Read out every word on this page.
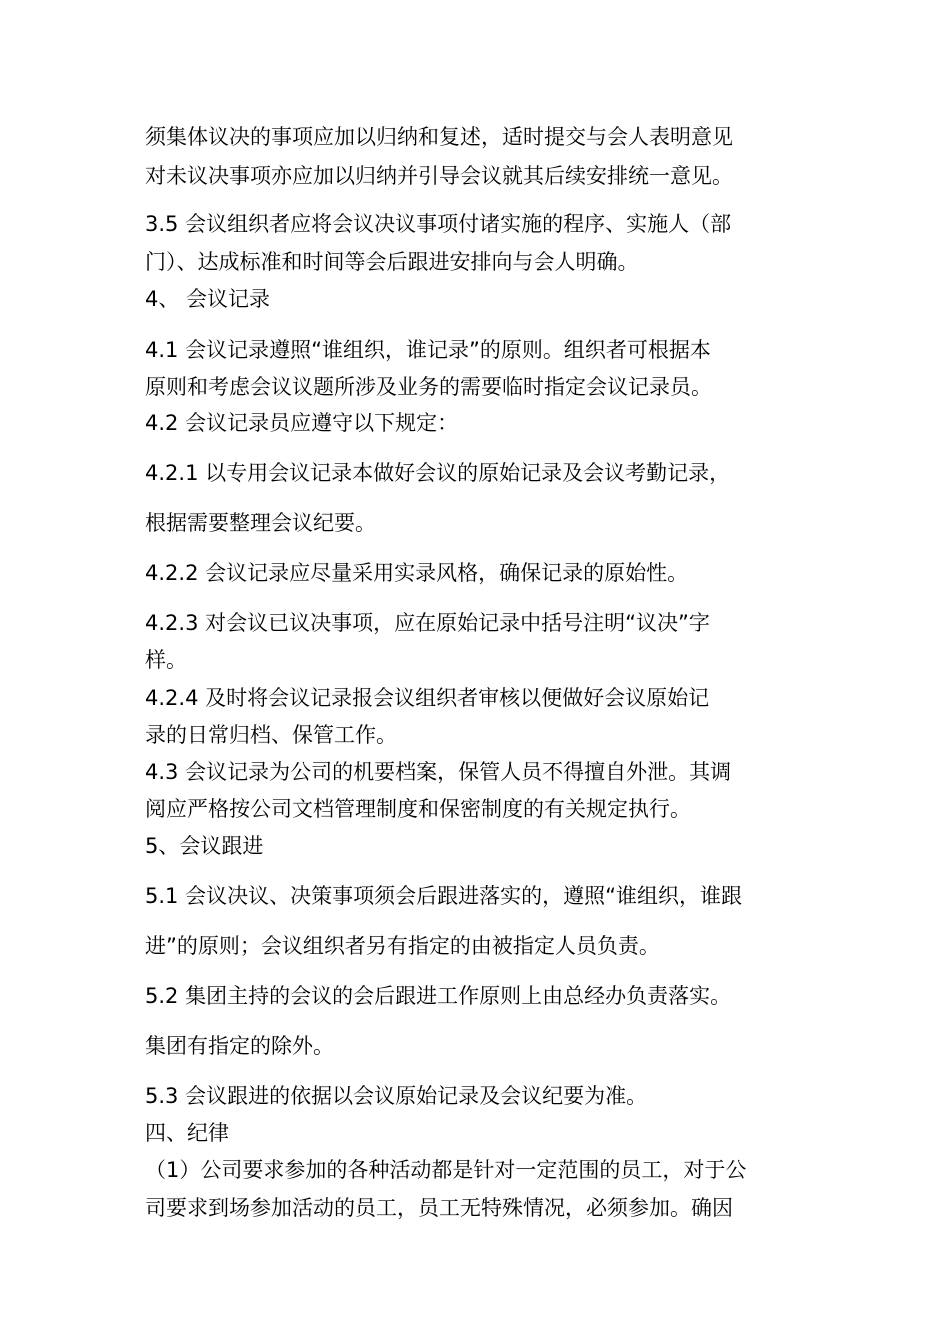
须集体议决的事项应加以归纳和复述，适时提交与会人表明意见
对未议决事项亦应加以归纳并引导会议就其后续安排统一意见。
3.5 会议组织者应将会议决议事项付诸实施的程序、实施人（部
门）、达成标准和时间等会后跟进安排向与会人明确。
4、 会议记录
4.1 会议记录遵照“谁组织，谁记录”的原则。组织者可根据本
原则和考虑会议议题所涉及业务的需要临时指定会议记录员。
4.2 会议记录员应遵守以下规定：
4.2.1 以专用会议记录本做好会议的原始记录及会议考勤记录，
根据需要整理会议纪要。
4.2.2 会议记录应尽量采用实录风格，确保记录的原始性。
4.2.3 对会议已议决事项，应在原始记录中括号注明“议决”字
样。
4.2.4 及时将会议记录报会议组织者审核以便做好会议原始记
录的日常归档、保管工作。
4.3 会议记录为公司的机要档案，保管人员不得擅自外泄。其调
阅应严格按公司文档管理制度和保密制度的有关规定执行。
5、会议跟进
5.1 会议决议、决策事项须会后跟进落实的，遵照“谁组织，谁跟
进”的原则；会议组织者另有指定的由被指定人员负责。
5.2 集团主持的会议的会后跟进工作原则上由总经办负责落实。
集团有指定的除外。
5.3 会议跟进的依据以会议原始记录及会议纪要为准。
四、纪律
（1）公司要求参加的各种活动都是针对一定范围的员工，对于公
司要求到场参加活动的员工，员工无特殊情况，必须参加。确因
